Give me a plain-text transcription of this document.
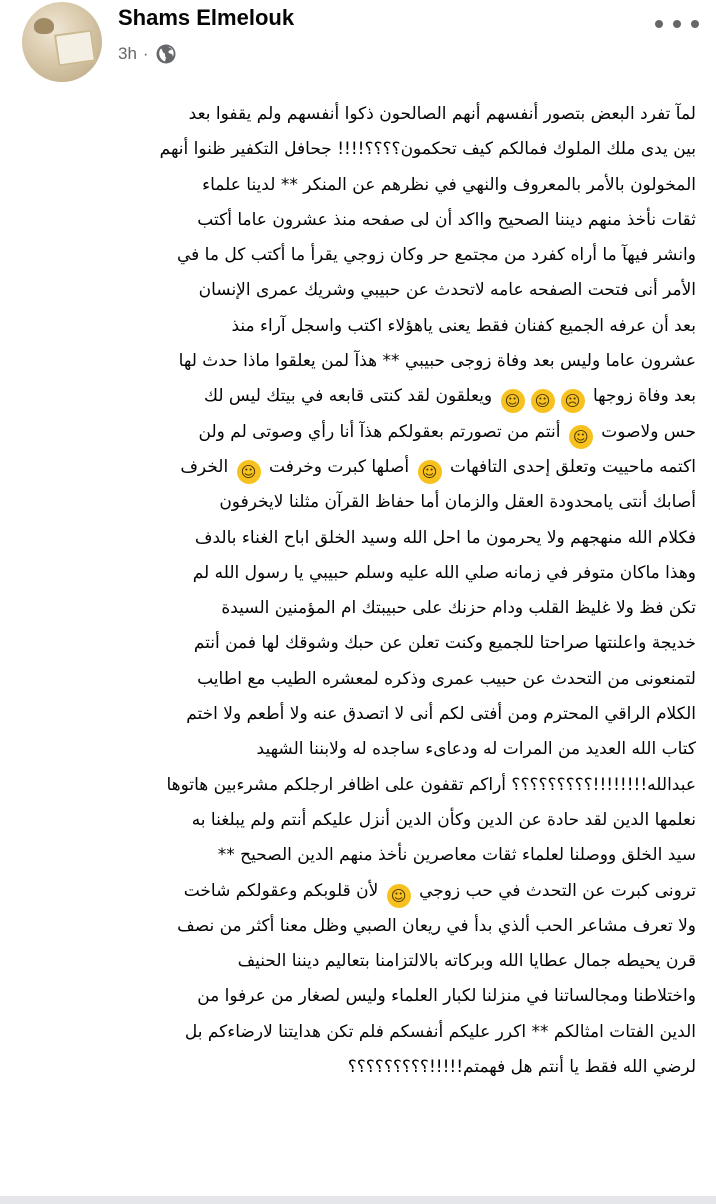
Shams Elmelouk
3h ·
لمآ تفرد البعض بتصور أنفسهم أنهم الصالحون ذكوا أنفسهم ولم يقفوا بعد
بين يدى ملك الملوك فمالكم كيف تحكمون؟؟؟؟!!!! جحافل التكفير ظنوا أنهم
المخولون بالأمر بالمعروف والنهي في نظرهم عن المنكر ** لدينا علماء
ثقات نأخذ منهم ديننا الصحيح وااكد أن لى صفحه منذ عشرون عاما أكتب
وانشر فيهآ ما أراه كفرد من مجتمع حر وكان زوجي يقرأ ما أكتب كل ما في
الأمر أنى فتحت الصفحه عامه لاتحدث عن حبيبي وشريك عمرى الإنسان
بعد أن عرفه الجميع كفنان فقط يعنى ياهؤلاء اكتب واسجل آراء منذ
عشرون عاما وليس بعد وفاة زوجى حبيبي ** هذآ لمن يعلقوا ماذا حدث لها
بعد وفاة زوجها ☹☺☺ ويعلقون لقد كنتى قابعه في بيتك ليس لك
حس ولاصوت ☺ أنتم من تصورتم بعقولكم هذآ أنا رأي وصوتى لم ولن
اكتمه ماحييت وتعلق إحدى التافهات ☺ أصلها كبرت وخرفت ☺ الخرف
أصابك أنتى يامحدودة العقل والزمان أما حفاظ القرآن مثلنا لايخرفون
فكلام الله منهجهم ولا يحرمون ما احل الله وسيد الخلق اباح الغناء بالدف
وهذا ماكان متوفر في زمانه صلي الله عليه وسلم حبيبي يا رسول الله لم
تكن فظ ولا غليظ القلب ودام حزنك على حبيبتك ام المؤمنين السيدة
خديجة واعلنتها صراحتا للجميع وكنت تعلن عن حبك وشوقك لها فمن أنتم
لتمنعونى من التحدث عن حبيب عمرى وذكره لمعشره الطيب مع اطايب
الكلام الراقي المحترم ومن أفتى لكم أنى لا اتصدق عنه ولا أطعم ولا اختم
كتاب الله العديد من المرات له ودعاىء ساجده له ولابننا الشهيد
عبدالله!!!!!!!!؟؟؟؟؟؟؟؟؟ أراكم تقفون على اظافر ارجلكم مشرءبين هاتوها
نعلمها الدين لقد حادة عن الدين وكأن الدين أنزل عليكم أنتم ولم يبلغنا به
سيد الخلق ووصلنا لعلماء ثقات معاصرين نأخذ منهم الدين الصحيح **
ترونى كبرت عن التحدث في حب زوجي ☺ لأن قلوبكم وعقولكم شاخت
ولا تعرف مشاعر الحب ألذي بدأ في ريعان الصبي وظل معنا أكثر من نصف
قرن يحيطه جمال عطايا الله وبركاته بالالتزامنا بتعاليم ديننا الحنيف
واختلاطنا ومجالساتنا في منزلنا لكبار العلماء وليس لصغار من عرفوا من
الدين الفتات امثالكم ** اكرر عليكم أنفسكم فلم تكن هدايتنا لارضاءكم بل
لرضي الله فقط يا أنتم هل فهمتم!!!!!؟؟؟؟؟؟؟؟؟
